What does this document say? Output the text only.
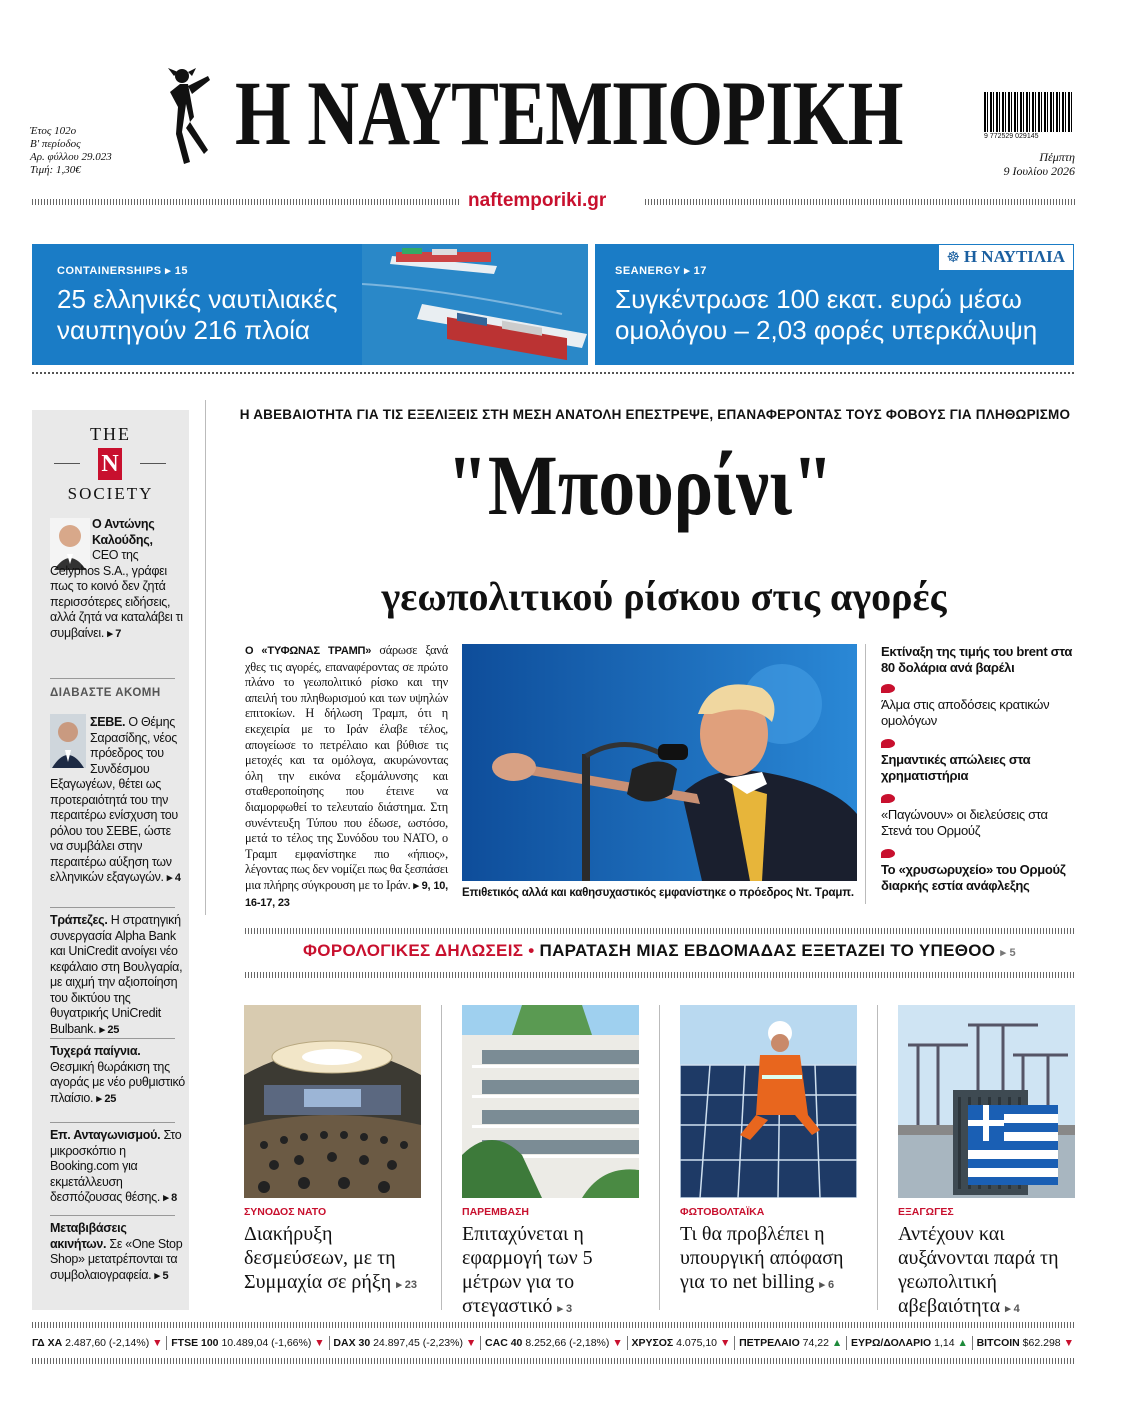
Έτος 102ο
Β' περίοδος
Αρ. φύλλου 29.023
Τιμή: 1,30€
Η ΝΑΥΤΕΜΠΟΡΙΚΗ	9 772529 029145
Πέμπτη
9 Ιουλίου 2026
naftemporiki.gr
CONTAINERSHIPS ▸ 15
25 ελληνικές ναυτιλιακές
ναυπηγούν 216 πλοία
☸ Η ΝΑΥΤΙΛΙΑ
SEANERGY ▸ 17
Συγκέντρωσε 100 εκατ. ευρώ μέσω
ομολόγου – 2,03 φορές υπερκάλυψη
THE
N
SOCIETY
Ο Αντώνης Καλούδης,
CEO της Celyphos S.A., γράφει πως το κοινό δεν ζητά περισσότερες ειδήσεις, αλλά ζητά να καταλάβει τι συμβαίνει. ▸ 7
ΔΙΑΒΑΣΤΕ ΑΚΟΜΗ
ΣΕΒΕ. Ο Θέμης Σαρασίδης, νέος πρόεδρος του Συνδέσμου Εξαγωγέων, θέτει ως προτεραιότητά του την περαιτέρω ενίσχυση του ρόλου του ΣΕΒΕ, ώστε να συμβάλει στην περαιτέρω αύξηση των ελληνικών εξαγωγών. ▸ 4
Τράπεζες. Η στρατηγική συνεργασία Alpha Bank και UniCredit ανοίγει νέο κεφάλαιο στη Βουλγαρία, με αιχμή την αξιοποίηση του δικτύου της θυγατρικής UniCredit Bulbank. ▸ 25
Τυχερά παίγνια. Θεσμική θωράκιση της αγοράς με νέο ρυθμιστικό πλαίσιο. ▸ 25
Επ. Ανταγωνισμού. Στο μικροσκόπιο η Booking.com για εκμετάλλευση δεσπόζουσας θέσης. ▸ 8
Μεταβιβάσεις ακινήτων. Σε «One Stop Shop» μετατρέπονται τα συμβολαιογραφεία. ▸ 5
Η ΑΒΕΒΑΙΟΤΗΤΑ ΓΙΑ ΤΙΣ ΕΞΕΛΙΞΕΙΣ ΣΤΗ ΜΕΣΗ ΑΝΑΤΟΛΗ ΕΠΕΣΤΡΕΨΕ, ΕΠΑΝΑΦΕΡΟΝΤΑΣ ΤΟΥΣ ΦΟΒΟΥΣ ΓΙΑ ΠΛΗΘΩΡΙΣΜΟ
"Μπουρίνι"
γεωπολιτικού ρίσκου στις αγορές
Ο «ΤΥΦΩΝΑΣ ΤΡΑΜΠ» σάρωσε ξανά χθες τις αγορές, επαναφέροντας σε πρώτο πλάνο το γεωπολιτικό ρίσκο και την απειλή του πληθωρισμού και των υψηλών επιτοκίων. Η δήλωση Τραμπ, ότι η εκεχειρία με το Ιράν έλαβε τέλος, απογείωσε το πετρέλαιο και βύθισε τις μετοχές και τα ομόλογα, ακυρώνοντας όλη την εικόνα εξομάλυνσης και σταθεροποίησης που έτεινε να διαμορφωθεί το τελευταίο διάστημα. Στη συνέντευξη Τύπου που έδωσε, ωστόσο, μετά το τέλος της Συνόδου του ΝΑΤΟ, ο Τραμπ εμφανίστηκε πιο «ήπιος», λέγοντας πως δεν νομίζει πως θα ξεσπάσει μια πλήρης σύγκρουση με το Ιράν. ▸ 9, 10, 16-17, 23
Επιθετικός αλλά και καθησυχαστικός εμφανίστηκε ο πρόεδρος Ντ. Τραμπ.
Εκτίναξη της τιμής του brent στα 80 δολάρια ανά βαρέλι
Άλμα στις αποδόσεις κρατικών ομολόγων
Σημαντικές απώλειες στα χρηματιστήρια
«Παγώνουν» οι διελεύσεις στα Στενά του Ορμούζ
Το «χρυσωρυχείο» του Ορμούζ διαρκής εστία ανάφλεξης
ΦΟΡΟΛΟΓΙΚΕΣ ΔΗΛΩΣΕΙΣ • ΠΑΡΑΤΑΣΗ ΜΙΑΣ ΕΒΔΟΜΑΔΑΣ ΕΞΕΤΑΖΕΙ ΤΟ ΥΠΕΘΟΟ ▸ 5
ΣΥΝΟΔΟΣ ΝΑΤΟ
Διακήρυξη δεσμεύσεων, με τη Συμμαχία σε ρήξη ▸ 23
ΠΑΡΕΜΒΑΣΗ
Επιταχύνεται η εφαρμογή των 5 μέτρων για το στεγαστικό ▸ 3
ΦΩΤΟΒΟΛΤΑΪΚΑ
Τι θα προβλέπει η υπουργική απόφαση για το net billing ▸ 6
ΕΞΑΓΩΓΕΣ
Αντέχουν και αυξάνονται παρά τη γεωπολιτική αβεβαιότητα ▸ 4
ΓΔ ΧΑ 2.487,60 (-2,14%) ▼ FTSE 100 10.489,04 (-1,66%) ▼ DAX 30 24.897,45 (-2,23%) ▼ CAC 40 8.252,66 (-2,18%) ▼ ΧΡΥΣΟΣ 4.075,10 ▼ ΠΕΤΡΕΛΑΙΟ 74,22 ▲ ΕΥΡΩ/ΔΟΛΑΡΙΟ 1,14 ▲ BITCOIN $62.298 ▼
